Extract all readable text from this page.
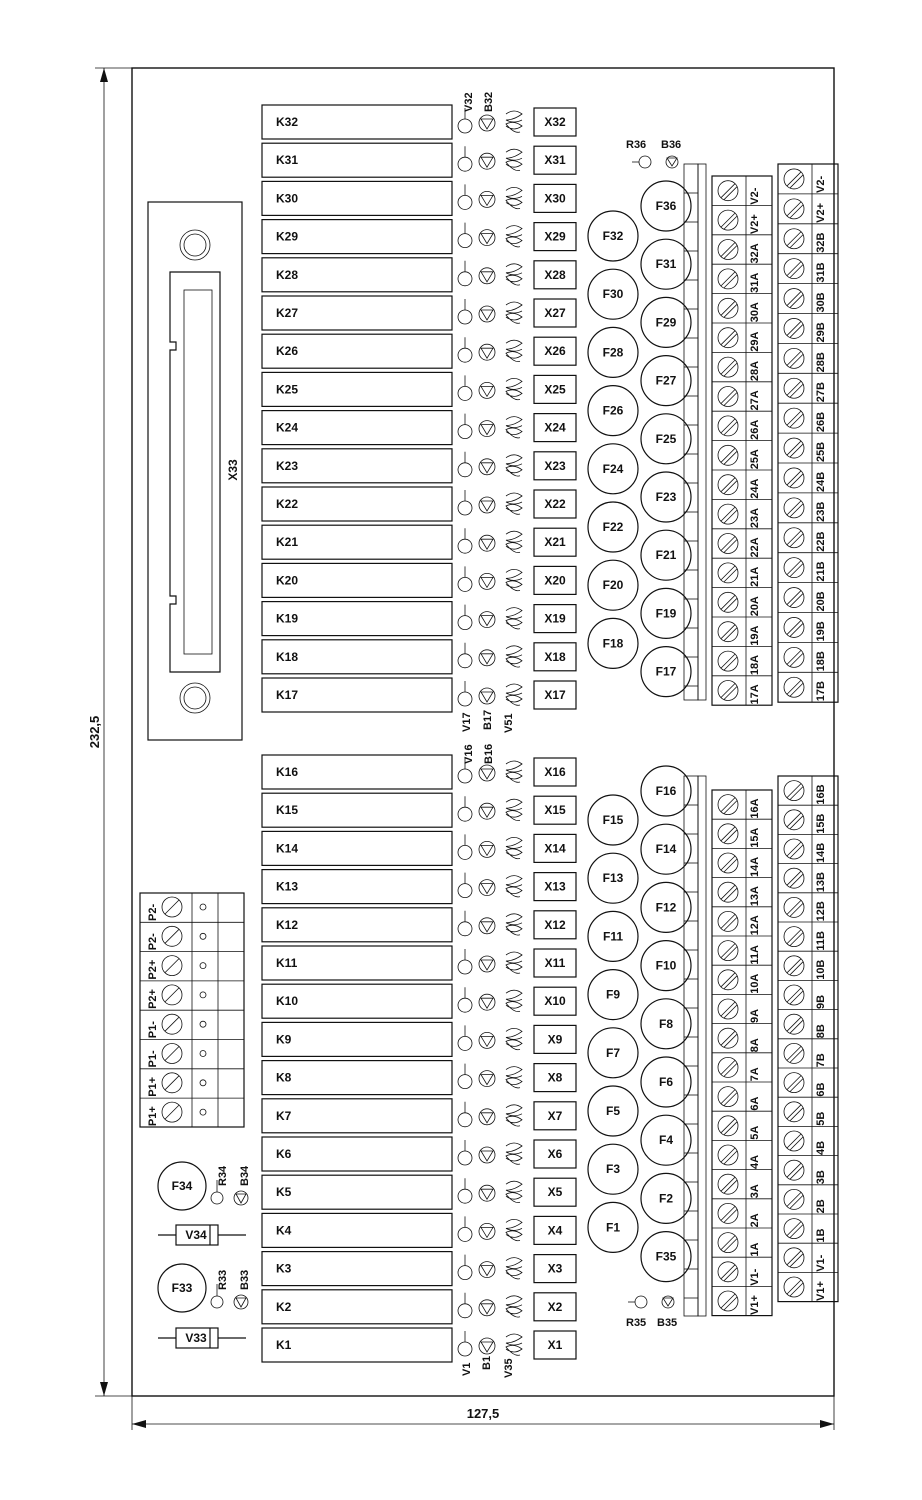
232,5
127,5
X33
K32	X32
K31	X31
K30	X30
K29	X29
K28	X28
K27	X27
K26	X26
K25	X25
K24	X24
K23	X23
K22	X22
K21	X21
K20	X20
K19	X19
K18	X18
K17	X17
K16	X16
K15	X15
K14	X14
K13	X13
K12	X12
K11	X11
K10	X10
K9	X9
K8	X8
K7	X7
K6	X6
K5	X5
K4	X4
K3	X3
K2	X2
K1	X1
F32
F30
F28
F26
F24
F22
F20
F18
F36
F31
F29
F27
F25
F23
F21
F19
F17
F15
F13
F11
F9
F7
F5
F3
F1
F16
F14
F12
F10
F8
F6
F4
F2
F35
V2-
V2+
32A
31A
30A
29A
28A
27A
26A
25A
24A
23A
22A
21A
20A
19A
18A
17A
V2-
V2+
32B
31B
30B
29B
28B
27B
26B
25B
24B
23B
22B
21B
20B
19B
18B
17B
16A
15A
14A
13A
12A
11A
10A
9A
8A
7A
6A
5A
4A
3A
2A
1A
V1-
V1+
16B
15B
14B
13B
12B
11B
10B
9B
8B
7B
6B
5B
4B
3B
2B
1B
V1-
V1+
V32 B32
V17 B17 V51
V16 B16
V1 B1 V35
R36 B36
R35 B35
P2-
P2-
P2+
P2+
P1-
P1-
P1+
P1+
F34 R34 B34
V34
F33 R33 B33
V33
